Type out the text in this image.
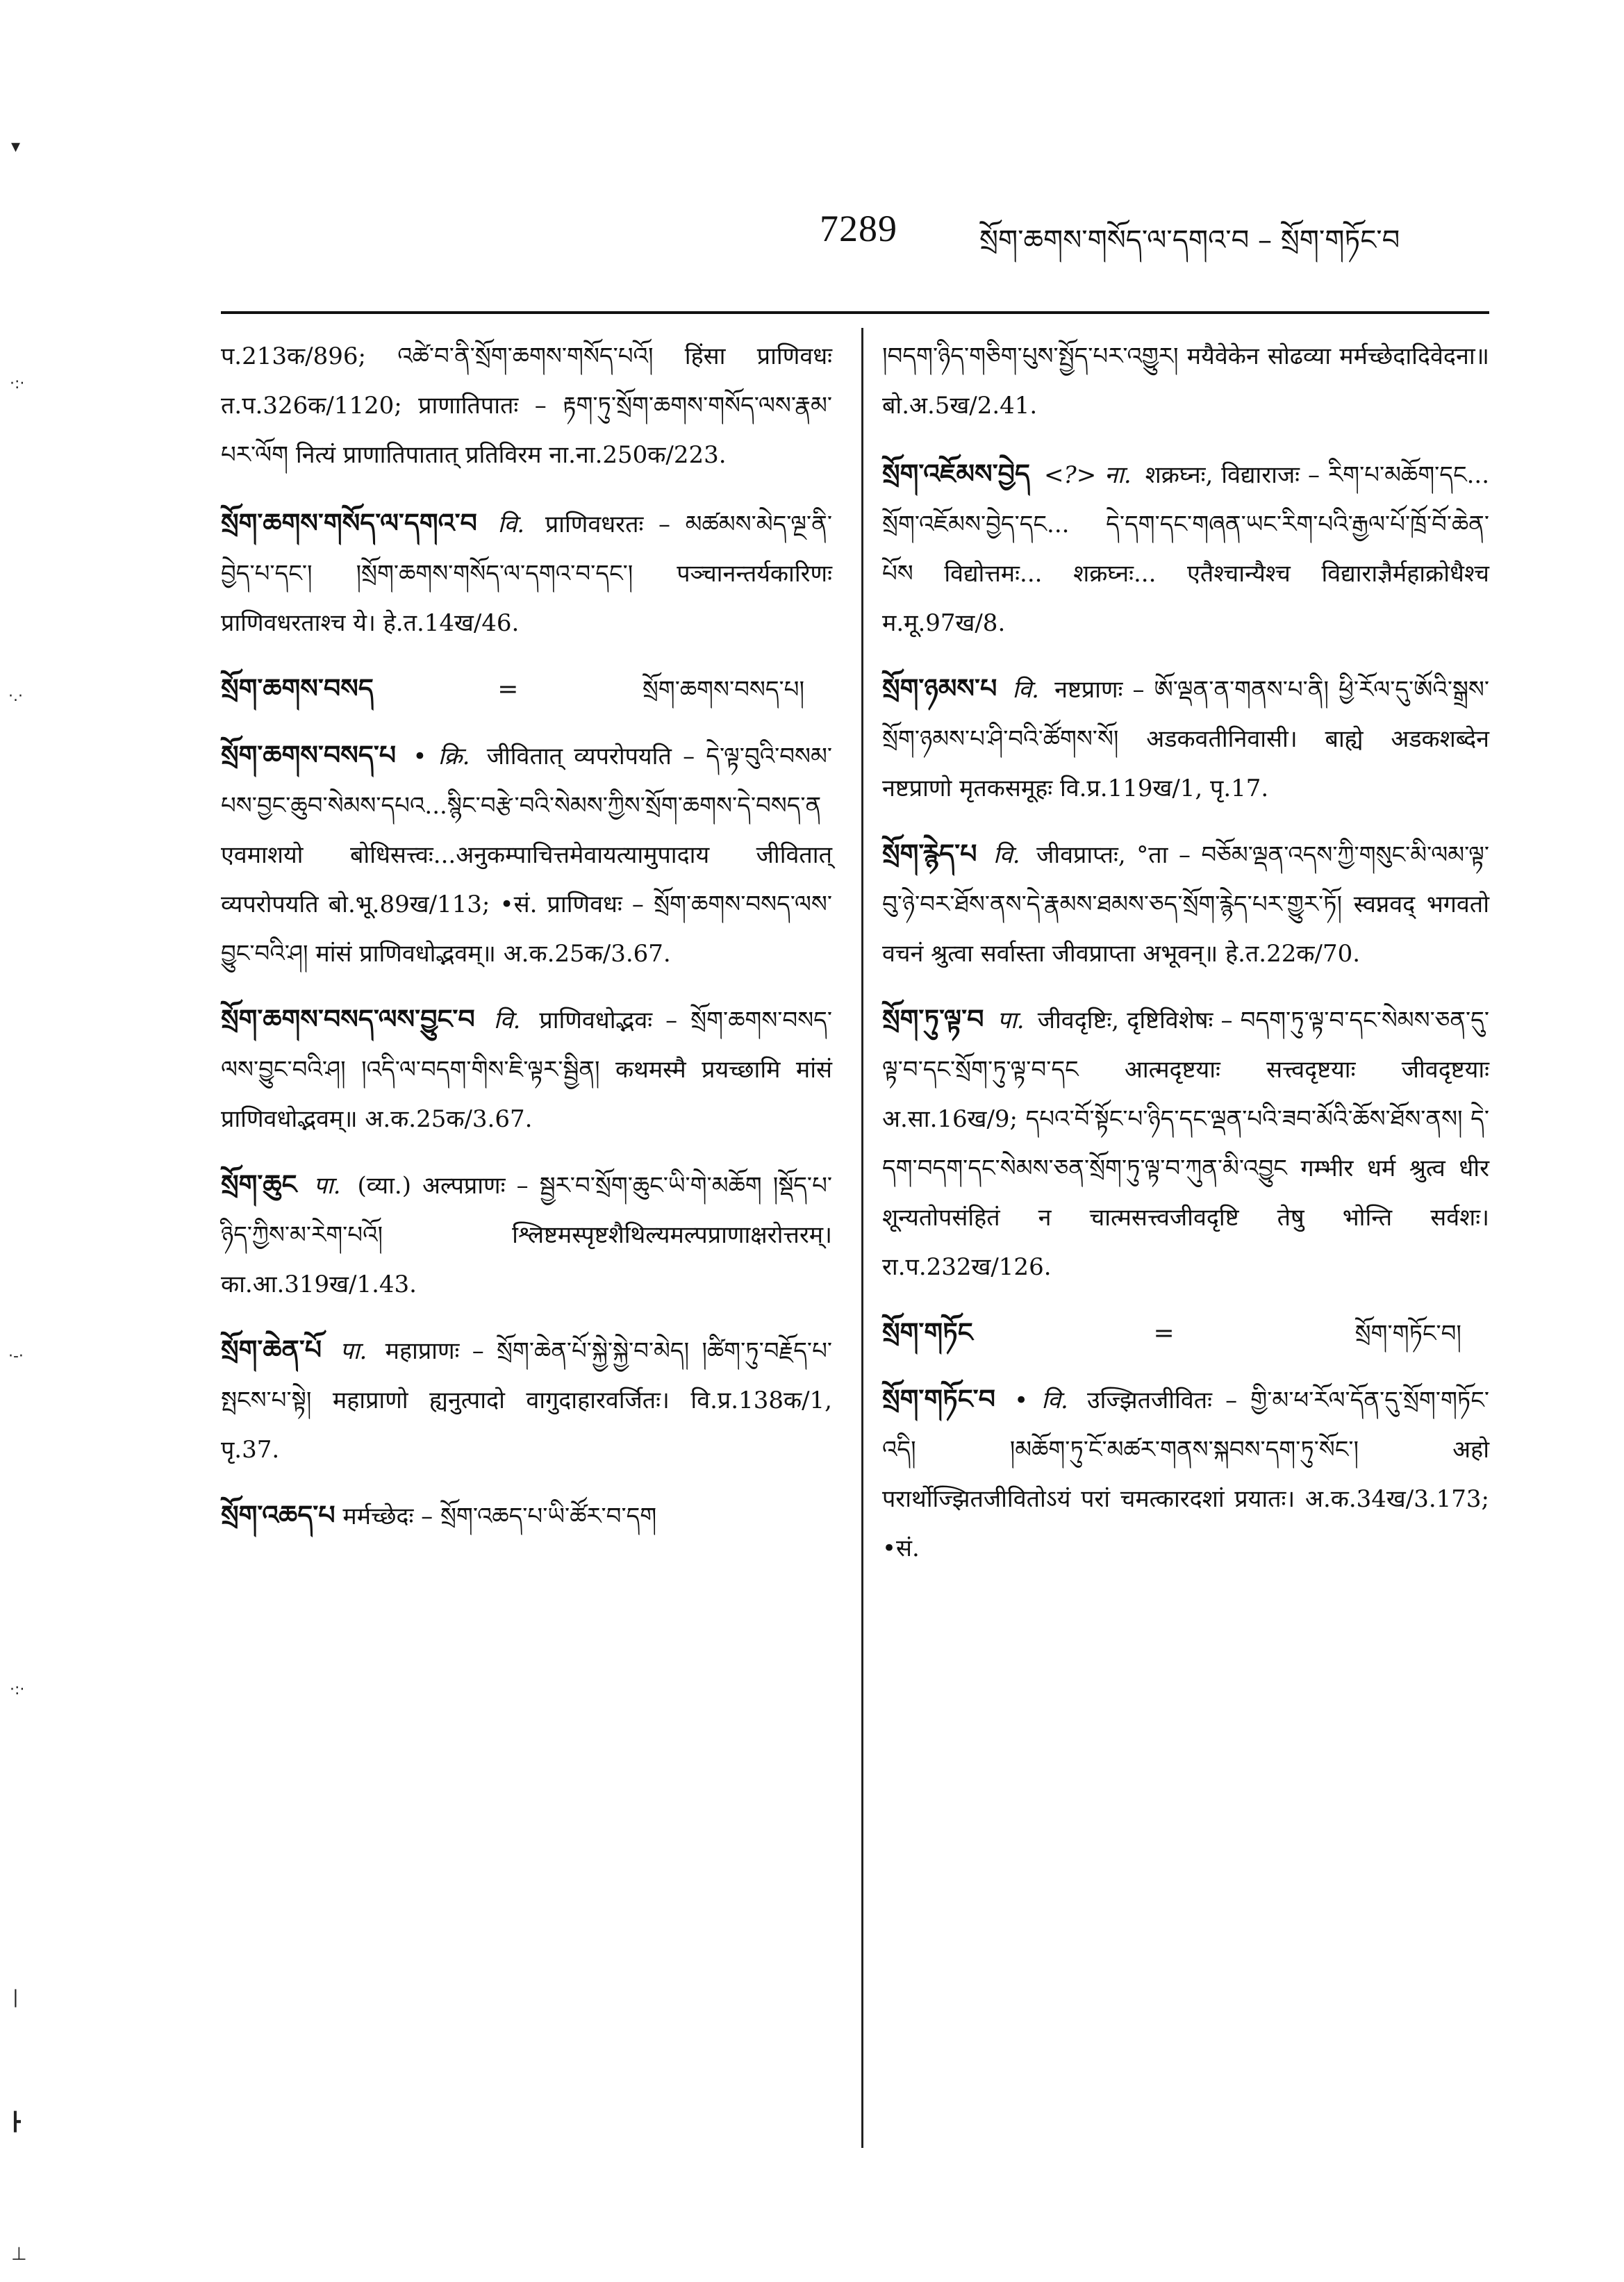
7289	སྲོག་ཆགས་གསོད་ལ་དགའ་བ – སྲོག་གཏོང་བ
प.213क/896; འཚེ་བ་ནི་སྲོག་ཆགས་གསོད་པའོ། हिंसा प्राणिवधः त.प.326क/1120; प्राणातिपातः – རྟག་ཏུ་སྲོག་ཆགས་གསོད་ལས་རྣམ་པར་ལོག नित्यं प्राणातिपातात् प्रतिविरम ना.ना.250क/223.
སྲོག་ཆགས་གསོད་ལ་དགའ་བ वि. प्राणिवधरतः – མཚམས་མེད་ལྔ་ནི་བྱེད་པ་དང༌། །སྲོག་ཆགས་གསོད་ལ་དགའ་བ་དང༌། पञ्चानन्तर्यकारिणः प्राणिवधरताश्च ये। हे.त.14ख/46.
སྲོག་ཆགས་བསད	=	སྲོག་ཆགས་བསད་པ།
སྲོག་ཆགས་བསད་པ • क्रि. जीवितात् व्यपरोपयति – དེ་ལྟ་བུའི་བསམ་པས་བྱང་ཆུབ་སེམས་དཔའ...སྙིང་བརྩེ་བའི་སེམས་ཀྱིས་སྲོག་ཆགས་དེ་བསད་ན एवमाशयो बोधिसत्त्वः...अनुकम्पाचित्तमेवायत्यामुपादाय जीवितात् व्यपरोपयति बो.भू.89ख/113; •सं. प्राणिवधः – སྲོག་ཆགས་བསད་ལས་བྱུང་བའི་ཤ། मांसं प्राणिवधोद्भवम्॥ अ.क.25क/3.67.
སྲོག་ཆགས་བསད་ལས་བྱུང་བ वि. प्राणिवधोद्भवः – སྲོག་ཆགས་བསད་ལས་བྱུང་བའི་ཤ། །འདི་ལ་བདག་གིས་ཇི་ལྟར་སྦྱིན། कथमस्मै प्रयच्छामि मांसं प्राणिवधोद्भवम्॥ अ.क.25क/3.67.
སྲོག་ཆུང पा. (व्या.) अल्पप्राणः – སྦྱར་བ་སྲོག་ཆུང་ཡི་གེ་མཆོག །སྡོད་པ་ཉིད་ཀྱིས་མ་རེག་པའོ། श्लिष्टमस्पृष्टशैथिल्यमल्पप्राणाक्षरोत्तरम्। का.आ.319ख/1.43.
སྲོག་ཆེན་པོ पा. महाप्राणः – སྲོག་ཆེན་པོ་སྐྱེ་སྐྱེ་བ་མེད། །ཚིག་ཏུ་བརྗོད་པ་སྤངས་པ་སྟེ། महाप्राणो ह्यनुत्पादो वागुदाहारवर्जितः। वि.प्र.138क/1, पृ.37.
སྲོག་འཆད་པ मर्मच्छेदः – སྲོག་འཆད་པ་ཡི་ཚོར་བ་དག
།བདག་ཉིད་གཅིག་པུས་སྤྱོད་པར་འགྱུར། मयैवेकेन सोढव्या मर्मच्छेदादिवेदना॥ बो.अ.5ख/2.41.
སྲོག་འཇོམས་བྱེད <?> ना. शक्रघ्नः, विद्याराजः – རིག་པ་མཆོག་དང... སྲོག་འཇོམས་བྱེད་དང... དེ་དག་དང་གཞན་ཡང་རིག་པའི་རྒྱལ་པོ་ཁྲོ་བོ་ཆེན་པོས विद्योत्तमः... शक्रघ्नः... एतैश्चान्यैश्च विद्याराज्ञैर्महाक्रोधैश्च म.मू.97ख/8.
སྲོག་ཉམས་པ वि. नष्टप्राणः – ཨོ་ལྡན་ན་གནས་པ་ནི། ཕྱི་རོལ་དུ་ཨོའི་སྒྲས་སྲོག་ཉམས་པ་ཤི་བའི་ཚོགས་སོ། अडकवतीनिवासी। बाह्ये अडकशब्देन नष्टप्राणो मृतकसमूहः वि.प्र.119ख/1, पृ.17.
སྲོག་རྙེད་པ वि. जीवप्राप्तः, °ता – བཅོམ་ལྡན་འདས་ཀྱི་གསུང་མི་ལམ་ལྟ་བུ་ཉེ་བར་ཐོས་ནས་དེ་རྣམས་ཐམས་ཅད་སྲོག་རྙེད་པར་གྱུར་ཏོ། स्वप्नवद् भगवतो वचनं श्रुत्वा सर्वास्ता जीवप्राप्ता अभूवन्॥ हे.त.22क/70.
སྲོག་ཏུ་ལྟ་བ पा. जीवदृष्टिः, दृष्टिविशेषः – བདག་ཏུ་ལྟ་བ་དང་སེམས་ཅན་དུ་ལྟ་བ་དང་སྲོག་ཏུ་ལྟ་བ་དང आत्मदृष्टयाः सत्त्वदृष्टयाः जीवदृष्टयाः अ.सा.16ख/9; དཔའ་བོ་སྟོང་པ་ཉིད་དང་ལྡན་པའི་ཟབ་མོའི་ཆོས་ཐོས་ནས། དེ་དག་བདག་དང་སེམས་ཅན་སྲོག་ཏུ་ལྟ་བ་ཀུན་མི་འབྱུང गम्भीर धर्म श्रुत्व धीर शून्यतोपसंहितं न चात्मसत्त्वजीवदृष्टि तेषु भोन्ति सर्वशः। रा.प.232ख/126.
སྲོག་གཏོང	=	སྲོག་གཏོང་བ།
སྲོག་གཏོང་བ • वि. उज्झितजीवितः – གྱི་མ་ཕ་རོལ་དོན་དུ་སྲོག་གཏོང་འདི། །མཆོག་ཏུ་ངོ་མཚར་གནས་སྐབས་དག་ཏུ་སོང༌། अहो परार्थोज्झितजीवितोऽयं परां चमत्कारदशां प्रयातः। अ.क.34ख/3.173; •सं.
▾
·:·
·.·
·-·
·:·
|
┣
⊥
